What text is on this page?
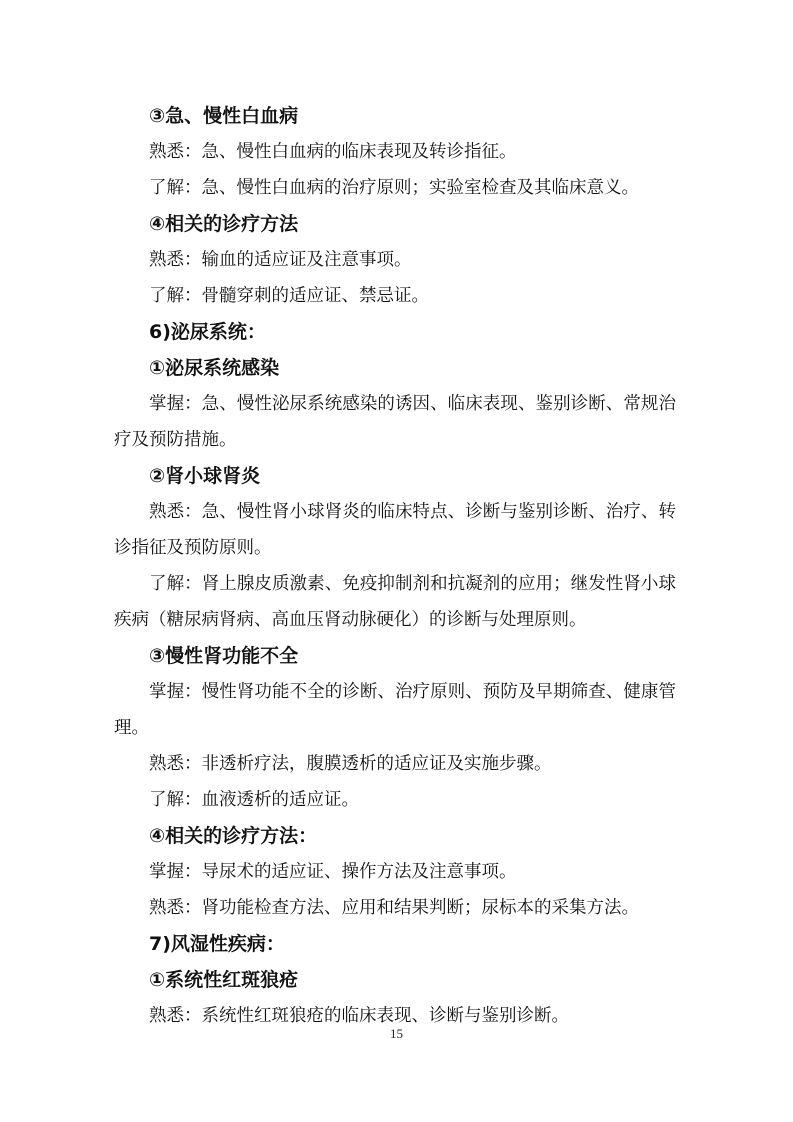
③急、慢性白血病

熟悉：急、慢性白血病的临床表现及转诊指征。

了解：急、慢性白血病的治疗原则；实验室检查及其临床意义。

④相关的诊疗方法

熟悉：输血的适应证及注意事项。

了解：骨髓穿刺的适应证、禁忌证。

6)泌尿系统：

①泌尿系统感染

掌握：急、慢性泌尿系统感染的诱因、临床表现、鉴别诊断、常规治疗及预防措施。

②肾小球肾炎

熟悉：急、慢性肾小球肾炎的临床特点、诊断与鉴别诊断、治疗、转诊指征及预防原则。

了解：肾上腺皮质激素、免疫抑制剂和抗凝剂的应用；继发性肾小球疾病（糖尿病肾病、高血压肾动脉硬化）的诊断与处理原则。

③慢性肾功能不全

掌握：慢性肾功能不全的诊断、治疗原则、预防及早期筛查、健康管理。

熟悉：非透析疗法，腹膜透析的适应证及实施步骤。

了解：血液透析的适应证。

④相关的诊疗方法：

掌握：导尿术的适应证、操作方法及注意事项。

熟悉：肾功能检查方法、应用和结果判断；尿标本的采集方法。

7)风湿性疾病：

①系统性红斑狼疮

熟悉：系统性红斑狼疮的临床表现、诊断与鉴别诊断。

15
